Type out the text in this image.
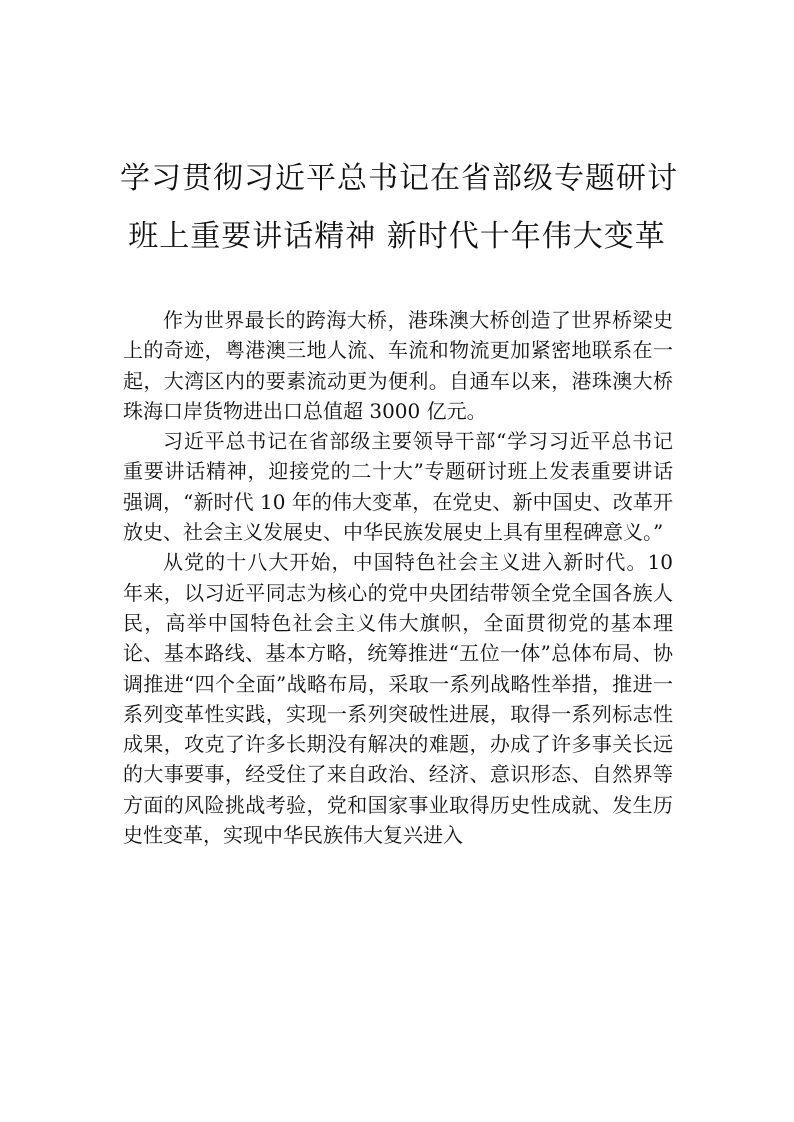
学习贯彻习近平总书记在省部级专题研讨
班上重要讲话精神 新时代十年伟大变革

作为世界最长的跨海大桥，港珠澳大桥创造了世界桥梁史上的奇迹，粤港澳三地人流、车流和物流更加紧密地联系在一起，大湾区内的要素流动更为便利。自通车以来，港珠澳大桥珠海口岸货物进出口总值超 3000 亿元。

习近平总书记在省部级主要领导干部“学习习近平总书记重要讲话精神，迎接党的二十大”专题研讨班上发表重要讲话强调，“新时代 10 年的伟大变革，在党史、新中国史、改革开放史、社会主义发展史、中华民族发展史上具有里程碑意义。”

从党的十八大开始，中国特色社会主义进入新时代。10 年来，以习近平同志为核心的党中央团结带领全党全国各族人民，高举中国特色社会主义伟大旗帜，全面贯彻党的基本理论、基本路线、基本方略，统筹推进“五位一体”总体布局、协调推进“四个全面”战略布局，采取一系列战略性举措，推进一系列变革性实践，实现一系列突破性进展，取得一系列标志性成果，攻克了许多长期没有解决的难题，办成了许多事关长远的大事要事，经受住了来自政治、经济、意识形态、自然界等方面的风险挑战考验，党和国家事业取得历史性成就、发生历史性变革，实现中华民族伟大复兴进入
